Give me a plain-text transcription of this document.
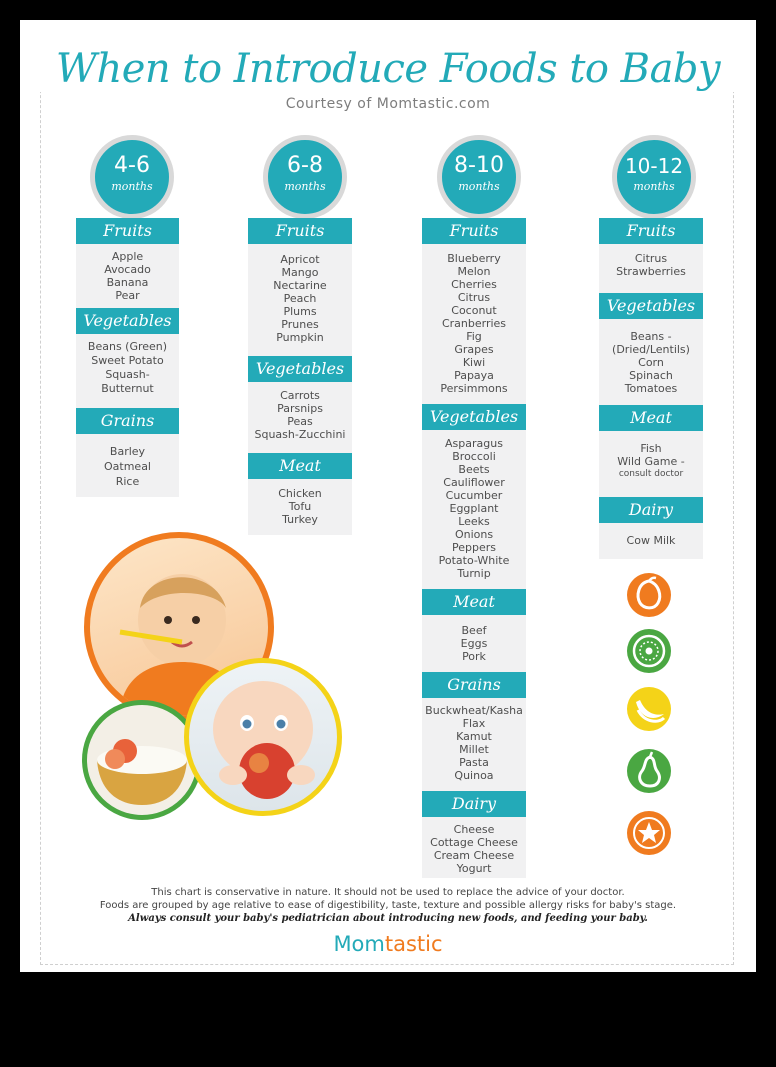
When to Introduce Foods to Baby
Courtesy of Momtastic.com
4-6
months
Fruits
Apple
Avocado
Banana
Pear
Vegetables
Beans (Green)
Sweet Potato
Squash-
Butternut
Grains
Barley
Oatmeal
Rice
6-8
months
Fruits
Apricot
Mango
Nectarine
Peach
Plums
Prunes
Pumpkin
Vegetables
Carrots
Parsnips
Peas
Squash-Zucchini
Meat
Chicken
Tofu
Turkey
8-10
months
Fruits
Blueberry
Melon
Cherries
Citrus
Coconut
Cranberries
Fig
Grapes
Kiwi
Papaya
Persimmons
Vegetables
Asparagus
Broccoli
Beets
Cauliflower
Cucumber
Eggplant
Leeks
Onions
Peppers
Potato-White
Turnip
Meat
Beef
Eggs
Pork
Grains
Buckwheat/Kasha
Flax
Kamut
Millet
Pasta
Quinoa
Dairy
Cheese
Cottage Cheese
Cream Cheese
Yogurt
10-12
months
Fruits
Citrus
Strawberries
Vegetables
Beans -
(Dried/Lentils)
Corn
Spinach
Tomatoes
Meat
Fish
Wild Game -
consult doctor
Dairy
Cow Milk
This chart is conservative in nature. It should not be used to replace the advice of your doctor.
Foods are grouped by age relative to ease of digestibility, taste, texture and possible allergy risks for baby's stage.
Always consult your baby's pediatrician about introducing new foods, and feeding your baby.
Momtastic
